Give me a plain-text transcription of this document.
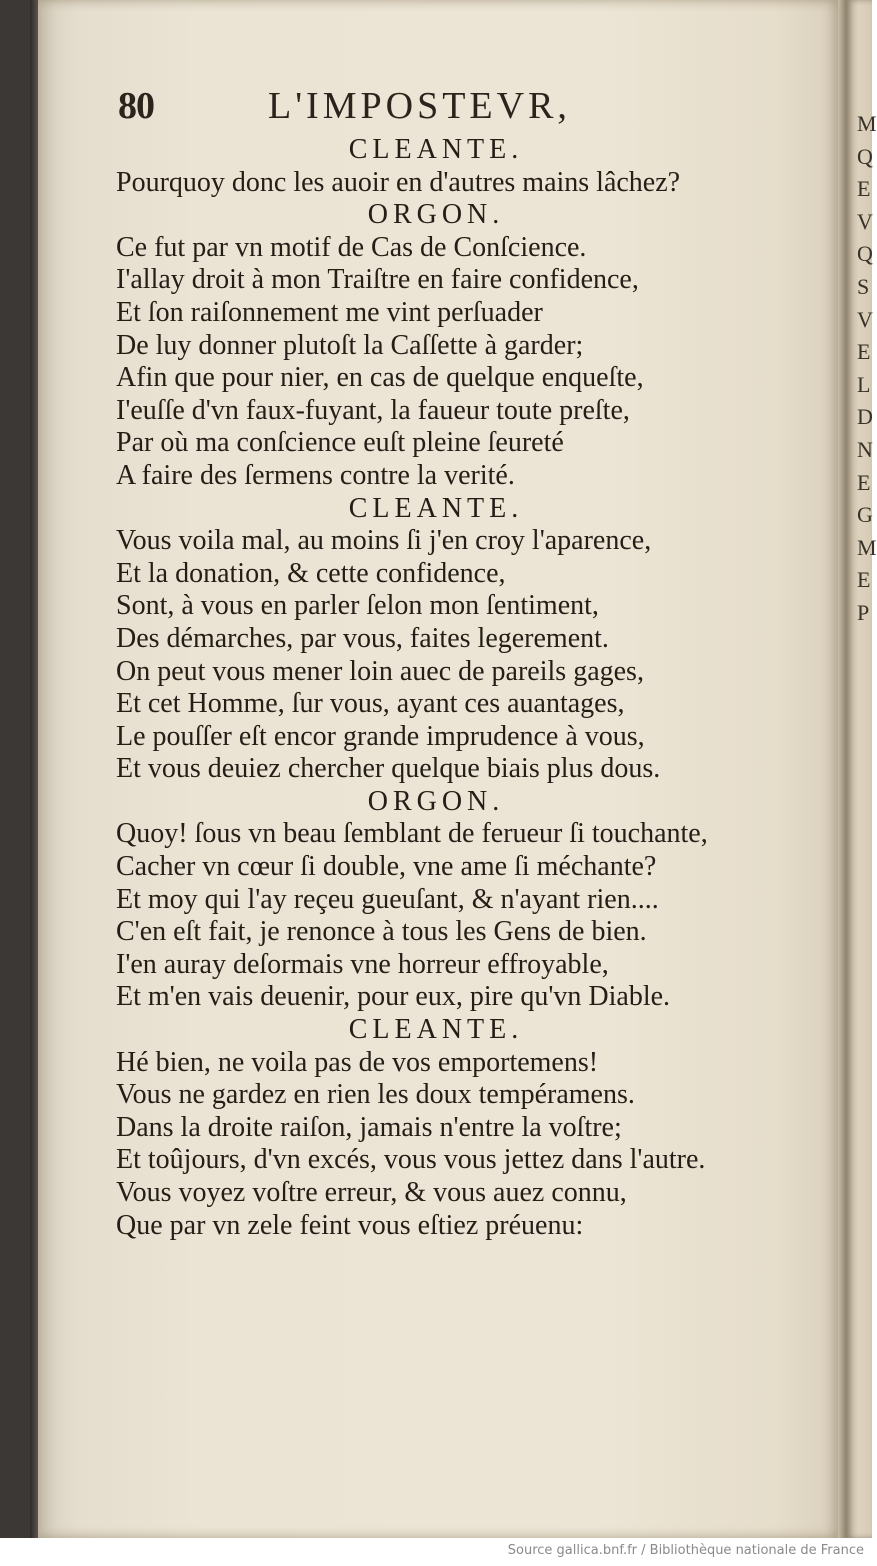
80	L'IMPOSTEVR,
CLEANTE.
Pourquoy donc les auoir en d'autres mains lâchez?
ORGON.
Ce fut par vn motif de Cas de Conſcience.
I'allay droit à mon Traiſtre en faire confidence,
Et ſon raiſonnement me vint perſuader
De luy donner plutoſt la Caſſette à garder;
Afin que pour nier, en cas de quelque enqueſte,
I'euſſe d'vn faux-fuyant, la faueur toute preſte,
Par où ma conſcience euſt pleine ſeureté
A faire des ſermens contre la verité.
CLEANTE.
Vous voila mal, au moins ſi j'en croy l'aparence,
Et la donation, & cette confidence,
Sont, à vous en parler ſelon mon ſentiment,
Des démarches, par vous, faites legerement.
On peut vous mener loin auec de pareils gages,
Et cet Homme, ſur vous, ayant ces auantages,
Le pouſſer eſt encor grande imprudence à vous,
Et vous deuiez chercher quelque biais plus dous.
ORGON.
Quoy! ſous vn beau ſemblant de ferueur ſi touchante,
Cacher vn cœur ſi double, vne ame ſi méchante?
Et moy qui l'ay reçeu gueuſant, & n'ayant rien....
C'en eſt fait, je renonce à tous les Gens de bien.
I'en auray deſormais vne horreur effroyable,
Et m'en vais deuenir, pour eux, pire qu'vn Diable.
CLEANTE.
Hé bien, ne voila pas de vos emportemens!
Vous ne gardez en rien les doux tempéramens.
Dans la droite raiſon, jamais n'entre la voſtre;
Et toûjours, d'vn excés, vous vous jettez dans l'autre.
Vous voyez voſtre erreur, & vous auez connu,
Que par vn zele feint vous eſtiez préuenu:
M
Q
E
V
Q
S
V
E
L
D
N
E
G
M
E
P
Source gallica.bnf.fr / Bibliothèque nationale de France
